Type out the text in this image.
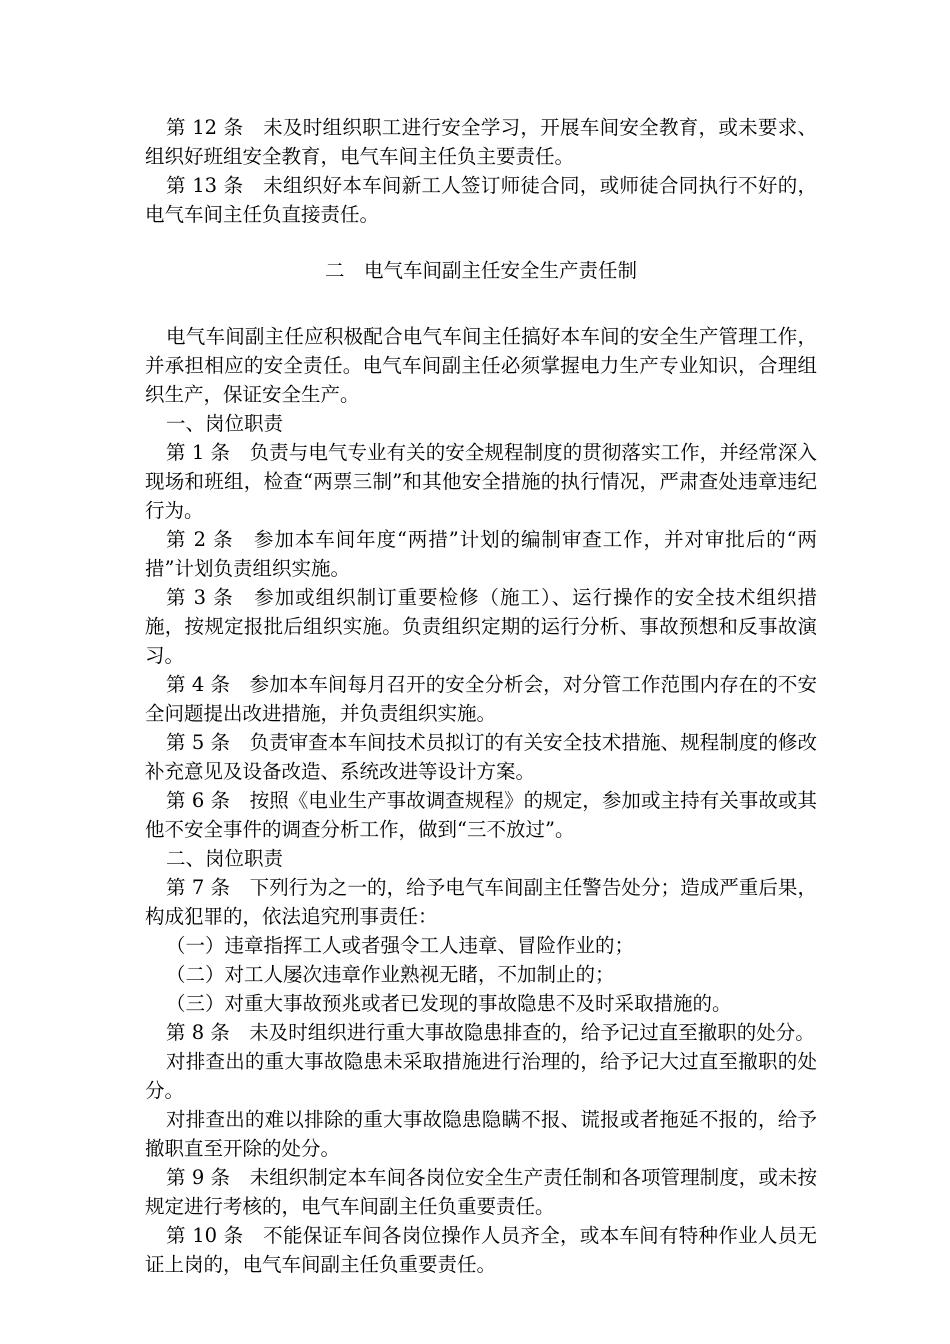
第 12 条　未及时组织职工进行安全学习，开展车间安全教育，或未要求、组织好班组安全教育，电气车间主任负主要责任。

第 13 条　未组织好本车间新工人签订师徒合同，或师徒合同执行不好的，电气车间主任负直接责任。

二　电气车间副主任安全生产责任制

电气车间副主任应积极配合电气车间主任搞好本车间的安全生产管理工作，并承担相应的安全责任。电气车间副主任必须掌握电力生产专业知识，合理组织生产，保证安全生产。

一、岗位职责

第 1 条　负责与电气专业有关的安全规程制度的贯彻落实工作，并经常深入现场和班组，检查“两票三制”和其他安全措施的执行情况，严肃查处违章违纪行为。

第 2 条　参加本车间年度“两措”计划的编制审查工作，并对审批后的“两措”计划负责组织实施。

第 3 条　参加或组织制订重要检修（施工）、运行操作的安全技术组织措施，按规定报批后组织实施。负责组织定期的运行分析、事故预想和反事故演习。

第 4 条　参加本车间每月召开的安全分析会，对分管工作范围内存在的不安全问题提出改进措施，并负责组织实施。

第 5 条　负责审查本车间技术员拟订的有关安全技术措施、规程制度的修改补充意见及设备改造、系统改进等设计方案。

第 6 条　按照《电业生产事故调查规程》的规定，参加或主持有关事故或其他不安全事件的调查分析工作，做到“三不放过”。

二、岗位职责

第 7 条　下列行为之一的，给予电气车间副主任警告处分；造成严重后果，构成犯罪的，依法追究刑事责任：

（一）违章指挥工人或者强令工人违章、冒险作业的；

（二）对工人屡次违章作业熟视无睹，不加制止的；

（三）对重大事故预兆或者已发现的事故隐患不及时采取措施的。

第 8 条　未及时组织进行重大事故隐患排查的，给予记过直至撤职的处分。

对排查出的重大事故隐患未采取措施进行治理的，给予记大过直至撤职的处分。

对排查出的难以排除的重大事故隐患隐瞒不报、谎报或者拖延不报的，给予撤职直至开除的处分。

第 9 条　未组织制定本车间各岗位安全生产责任制和各项管理制度，或未按规定进行考核的，电气车间副主任负重要责任。

第 10 条　不能保证车间各岗位操作人员齐全，或本车间有特种作业人员无证上岗的，电气车间副主任负重要责任。
